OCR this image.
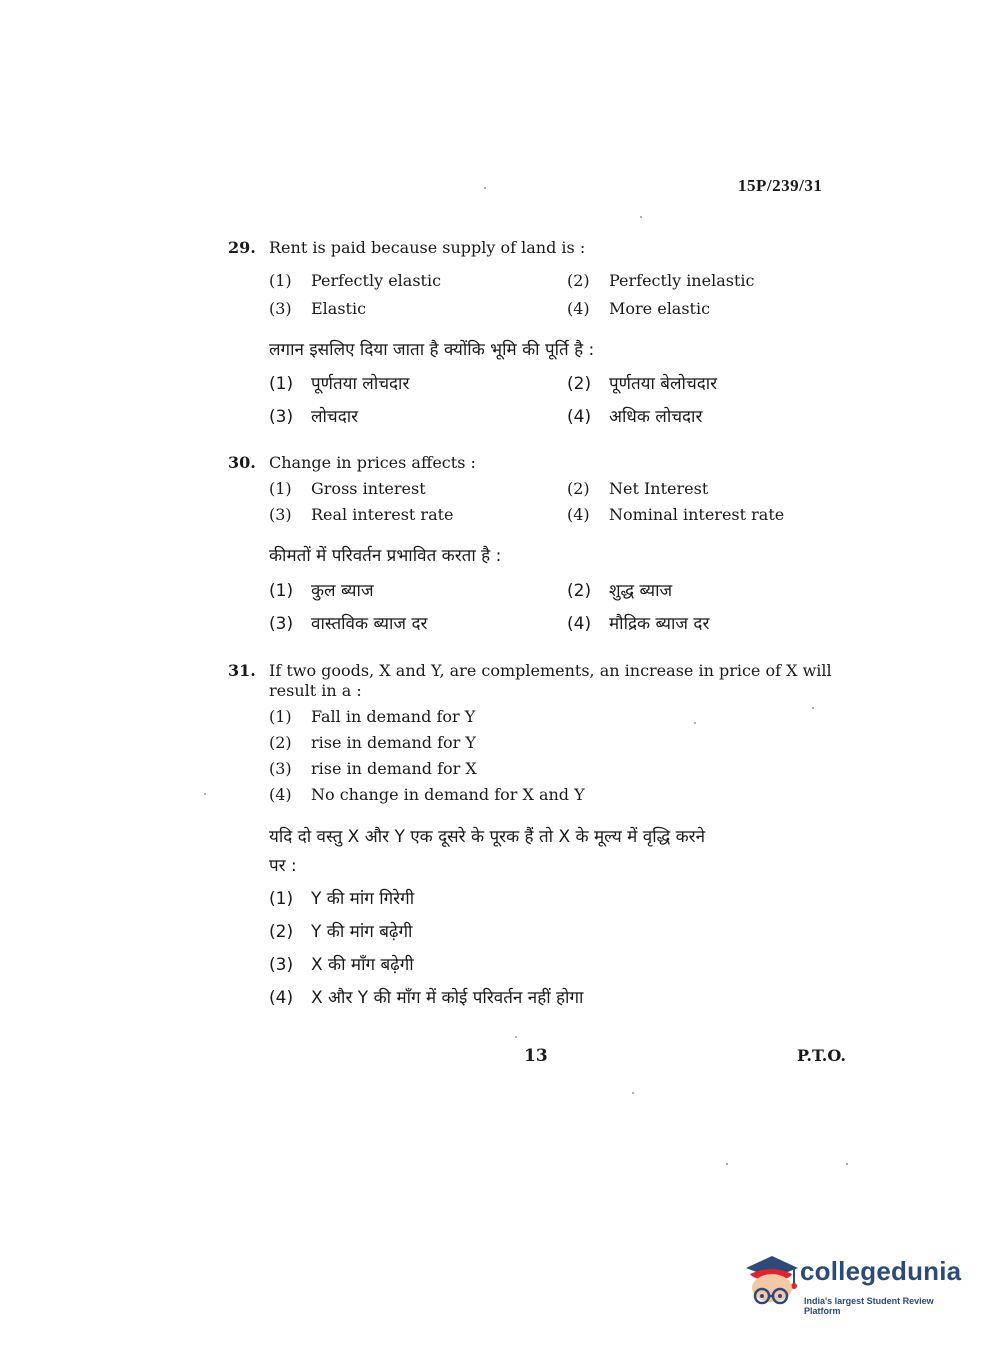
15P/239/31
29. Rent is paid because supply of land is :
(1) Perfectly elastic	(2) Perfectly inelastic
(3) Elastic	(4) More elastic
लगान इसलिए दिया जाता है क्योंकि भूमि की पूर्ति है :
(1) पूर्णतया लोचदार	(2) पूर्णतया बेलोचदार
(3) लोचदार	(4) अधिक लोचदार
30. Change in prices affects :
(1) Gross interest	(2) Net Interest
(3) Real interest rate	(4) Nominal interest rate
कीमतों में परिवर्तन प्रभावित करता है :
(1) कुल ब्याज	(2) शुद्ध ब्याज
(3) वास्तविक ब्याज दर	(4) मौद्रिक ब्याज दर
31. If two goods, X and Y, are complements, an increase in price of X will
result in a :
(1) Fall in demand for Y
(2) rise in demand for Y
(3) rise in demand for X
(4) No change in demand for X and Y
यदि दो वस्तु X और Y एक दूसरे के पूरक हैं तो X के मूल्य में वृद्धि करने
पर :
(1) Y की मांग गिरेगी
(2) Y की मांग बढ़ेगी
(3) X की माँग बढ़ेगी
(4) X और Y की माँग में कोई परिवर्तन नहीं होगा
13	P.T.O.
collegedunia
India's largest Student Review Platform
